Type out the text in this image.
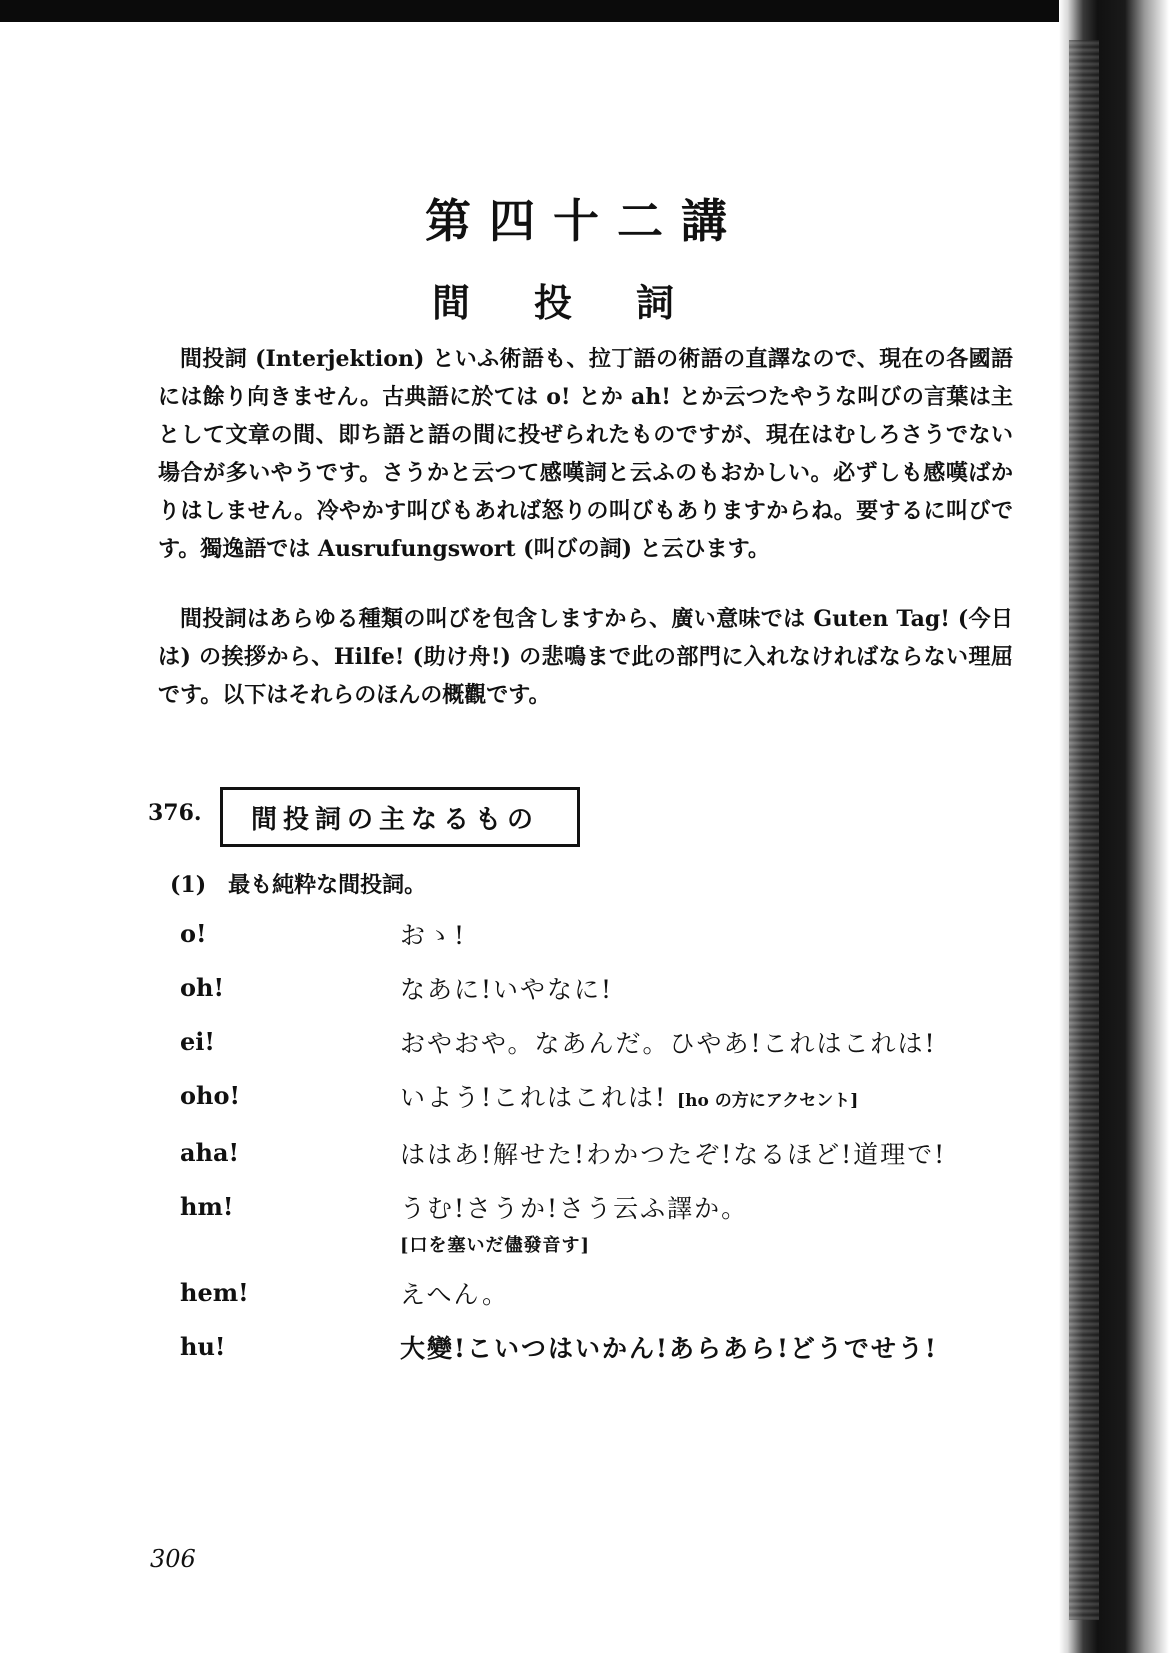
第四十二講
間投詞
間投詞 (Interjektion) といふ術語も、拉丁語の術語の直譯なので、現在の各國語には餘り向きません。古典語に於ては o! とか ah! とか云つたやうな叫びの言葉は主として文章の間、即ち語と語の間に投ぜられたものですが、現在はむしろさうでない場合が多いやうです。さうかと云つて感嘆詞と云ふのもおかしい。必ずしも感嘆ばかりはしません。冷やかす叫びもあれば怒りの叫びもありますからね。要するに叫びです。獨逸語では Ausrufungswort (叫びの詞) と云ひます。
間投詞はあらゆる種類の叫びを包含しますから、廣い意味では Guten Tag! (今日は) の挨拶から、Hilfe! (助け舟!) の悲鳴まで此の部門に入れなければならない理屈です。以下はそれらのほんの概觀です。
376. 間投詞の主なるもの
(1)　最も純粋な間投詞。
o!	おゝ!
oh!	なあに!いやなに!
ei!	おやおや。なあんだ。ひやあ!これはこれは!
oho!	いよう!これはこれは! [ho の方にアクセント]
aha!	ははあ!解せた!わかつたぞ!なるほど!道理で!
hm!	うむ!さうか!さう云ふ譯か。
[口を塞いだ儘發音す]
hem!	えへん。
hu!	大變!こいつはいかん!あらあら!どうでせう!
306
